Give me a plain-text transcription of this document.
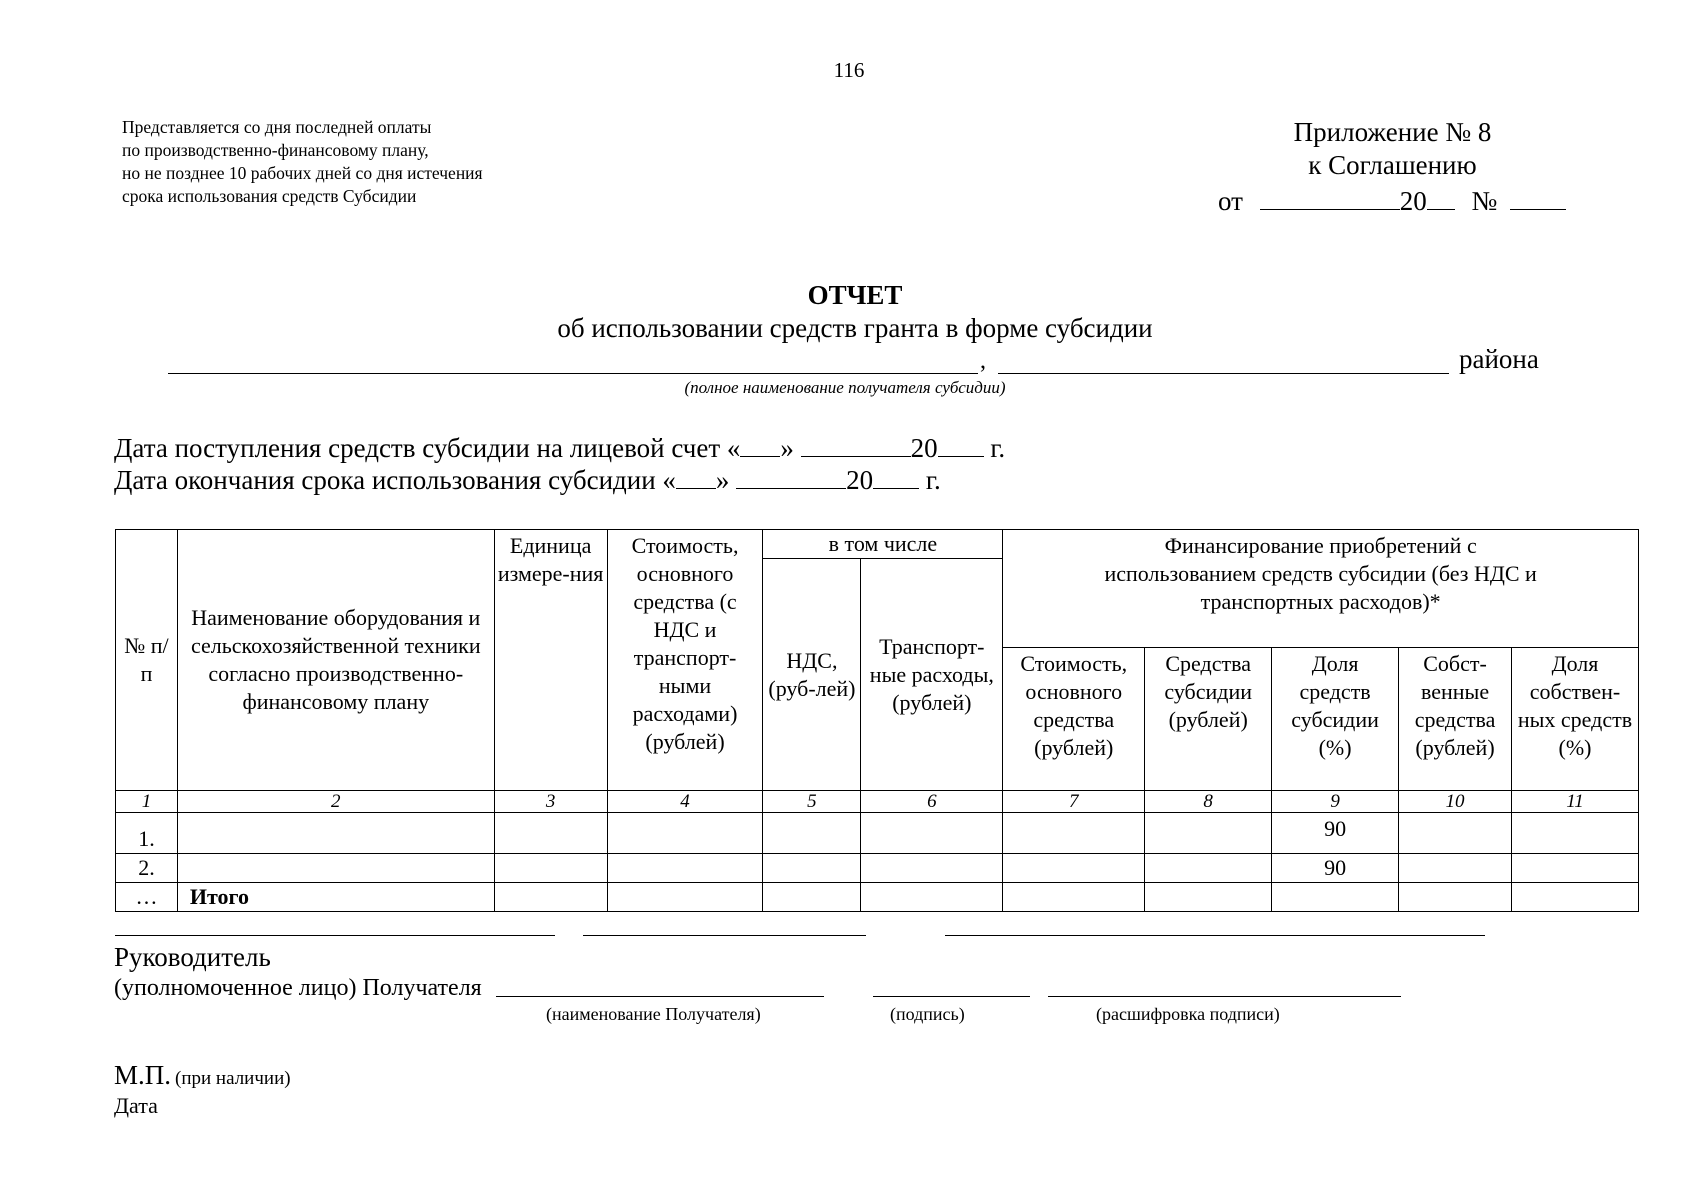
116
Представляется со дня последней оплаты
по производственно-финансовому плану,
но не позднее 10 рабочих дней со дня истечения
срока использования средств Субсидии
Приложение № 8
к Соглашению
от	20 №
ОТЧЕТ
об использовании средств гранта в форме субсидии
,	района
(полное наименование получателя субсидии)
Дата поступления средств субсидии на лицевой счет « »	20 г.
Дата окончания срока использования субсидии « »	20 г.
№ п/п	Наименование оборудования и сельскохозяйственной техники согласно производственно-финансовому плану	Единица измере-ния	Стоимость, основного средства (с НДС и транспорт-ными расходами) (рублей)	в том числе		Финансирование приобретений с использованием средств субсидии (без НДС и транспортных расходов)*				
				НДС, (руб-лей)	Транспорт-ные расходы, (рублей)					
						Стоимость, основного средства (рублей)	Средства субсидии (рублей)	Доля средств субсидии (%)	Собст-венные средства (рублей)	Доля собствен-ных средств (%)
1	2	3	4	5	6	7	8	9	10	11
1.								90		
2.								90		
…	Итого									
Руководитель
(уполномоченное лицо) Получателя
(наименование Получателя)	(подпись)	(расшифровка подписи)
М.П. (при наличии)
Дата
